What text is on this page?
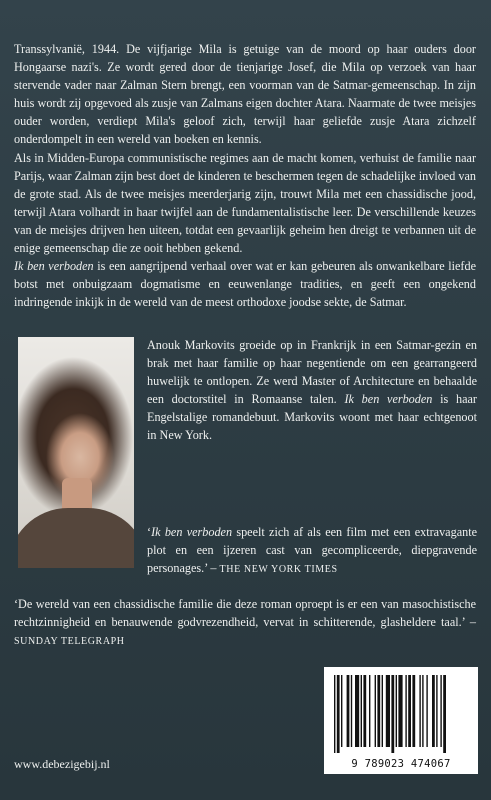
Transsylvanië, 1944. De vijfjarige Mila is getuige van de moord op haar ouders door Hongaarse nazi's. Ze wordt gered door de tienjarige Josef, die Mila op verzoek van haar stervende vader naar Zalman Stern brengt, een voorman van de Satmar-gemeenschap. In zijn huis wordt zij opgevoed als zusje van Zalmans eigen dochter Atara. Naarmate de twee meisjes ouder worden, verdiept Mila's geloof zich, terwijl haar geliefde zusje Atara zichzelf onderdompelt in een wereld van boeken en kennis.

Als in Midden-Europa communistische regimes aan de macht komen, verhuist de familie naar Parijs, waar Zalman zijn best doet de kinderen te beschermen tegen de schadelijke invloed van de grote stad. Als de twee meisjes meerderjarig zijn, trouwt Mila met een chassidische jood, terwijl Atara volhardt in haar twijfel aan de fundamentalistische leer. De verschillende keuzes van de meisjes drijven hen uiteen, totdat een gevaarlijk geheim hen dreigt te verbannen uit de enige gemeenschap die ze ooit hebben gekend.

Ik ben verboden is een aangrijpend verhaal over wat er kan gebeuren als onwankelbare liefde botst met onbuigzaam dogmatisme en eeuwenlange tradities, en geeft een ongekend indringende inkijk in de wereld van de meest orthodoxe joodse sekte, de Satmar.

Anouk Markovits groeide op in Frankrijk in een Satmar-gezin en brak met haar familie op haar negentiende om een gearrangeerd huwelijk te ontlopen. Ze werd Master of Architecture en behaalde een doctorstitel in Romaanse talen. Ik ben verboden is haar Engelstalige romandebuut. Markovits woont met haar echtgenoot in New York.
‘Ik ben verboden speelt zich af als een film met een extravagante plot en een ijzeren cast van gecompliceerde, diepgravende personages.’ – THE NEW YORK TIMES
‘De wereld van een chassidische familie die deze roman oproept is er een van masochistische rechtzinnigheid en benauwende godvrezendheid, vervat in schitterende, glasheldere taal.’ – SUNDAY TELEGRAPH
www.debezigebij.nl	9 789023 474067
